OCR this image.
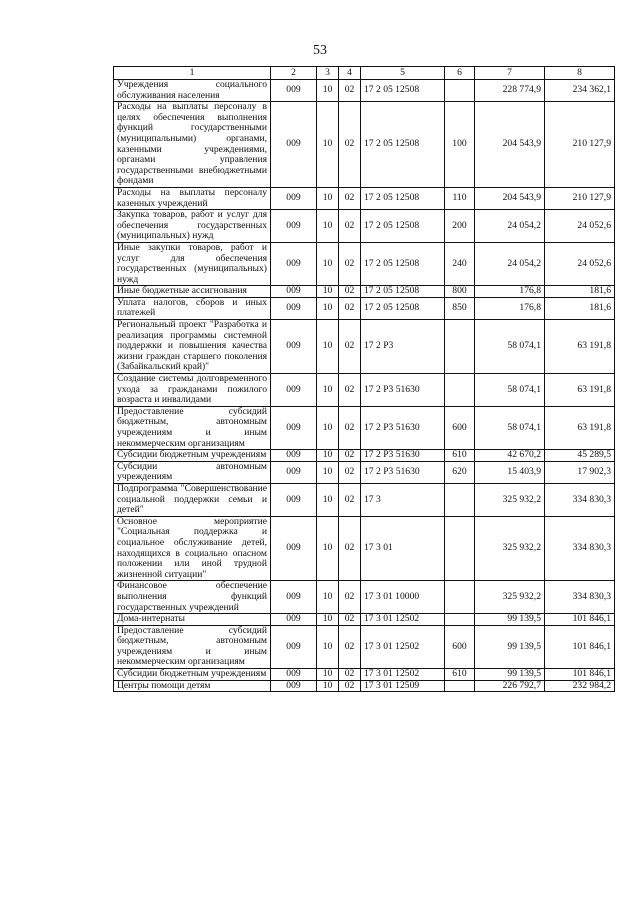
53
1	2	3	4	5	6	7	8
Учреждения социального обслуживания населения	009	10	02	17 2 05 12508		228 774,9	234 362,1
Расходы на выплаты персоналу в целях обеспечения выполнения функций государственными (муниципальными) органами, казенными учреждениями, органами управления государственными внебюджетными фондами	009	10	02	17 2 05 12508	100	204 543,9	210 127,9
Расходы на выплаты персоналу казенных учреждений	009	10	02	17 2 05 12508	110	204 543,9	210 127,9
Закупка товаров, работ и услуг для обеспечения государственных (муниципальных) нужд	009	10	02	17 2 05 12508	200	24 054,2	24 052,6
Иные закупки товаров, работ и услуг для обеспечения государственных (муниципальных) нужд	009	10	02	17 2 05 12508	240	24 054,2	24 052,6
Иные бюджетные ассигнования	009	10	02	17 2 05 12508	800	176,8	181,6
Уплата налогов, сборов и иных платежей	009	10	02	17 2 05 12508	850	176,8	181,6
Региональный проект "Разработка и реализация программы системной поддержки и повышения качества жизни граждан старшего поколения (Забайкальский край)"	009	10	02	17 2 P3		58 074,1	63 191,8
Создание системы долговременного ухода за гражданами пожилого возраста и инвалидами	009	10	02	17 2 P3 51630		58 074,1	63 191,8
Предоставление субсидий бюджетным, автономным учреждениям и иным некоммерческим организациям	009	10	02	17 2 P3 51630	600	58 074,1	63 191,8
Субсидии бюджетным учреждениям	009	10	02	17 2 P3 51630	610	42 670,2	45 289,5
Субсидии автономным учреждениям	009	10	02	17 2 P3 51630	620	15 403,9	17 902,3
Подпрограмма "Совершенствование социальной поддержки семьи и детей"	009	10	02	17 3		325 932,2	334 830,3
Основное мероприятие "Социальная поддержка и социальное обслуживание детей, находящихся в социально опасном положении или иной трудной жизненной ситуации"	009	10	02	17 3 01		325 932,2	334 830,3
Финансовое обеспечение выполнения функций государственных учреждений	009	10	02	17 3 01 10000		325 932,2	334 830,3
Дома-интернаты	009	10	02	17 3 01 12502		99 139,5	101 846,1
Предоставление субсидий бюджетным, автономным учреждениям и иным некоммерческим организациям	009	10	02	17 3 01 12502	600	99 139,5	101 846,1
Субсидии бюджетным учреждениям	009	10	02	17 3 01 12502	610	99 139,5	101 846,1
Центры помощи детям	009	10	02	17 3 01 12509		226 792,7	232 984,2
